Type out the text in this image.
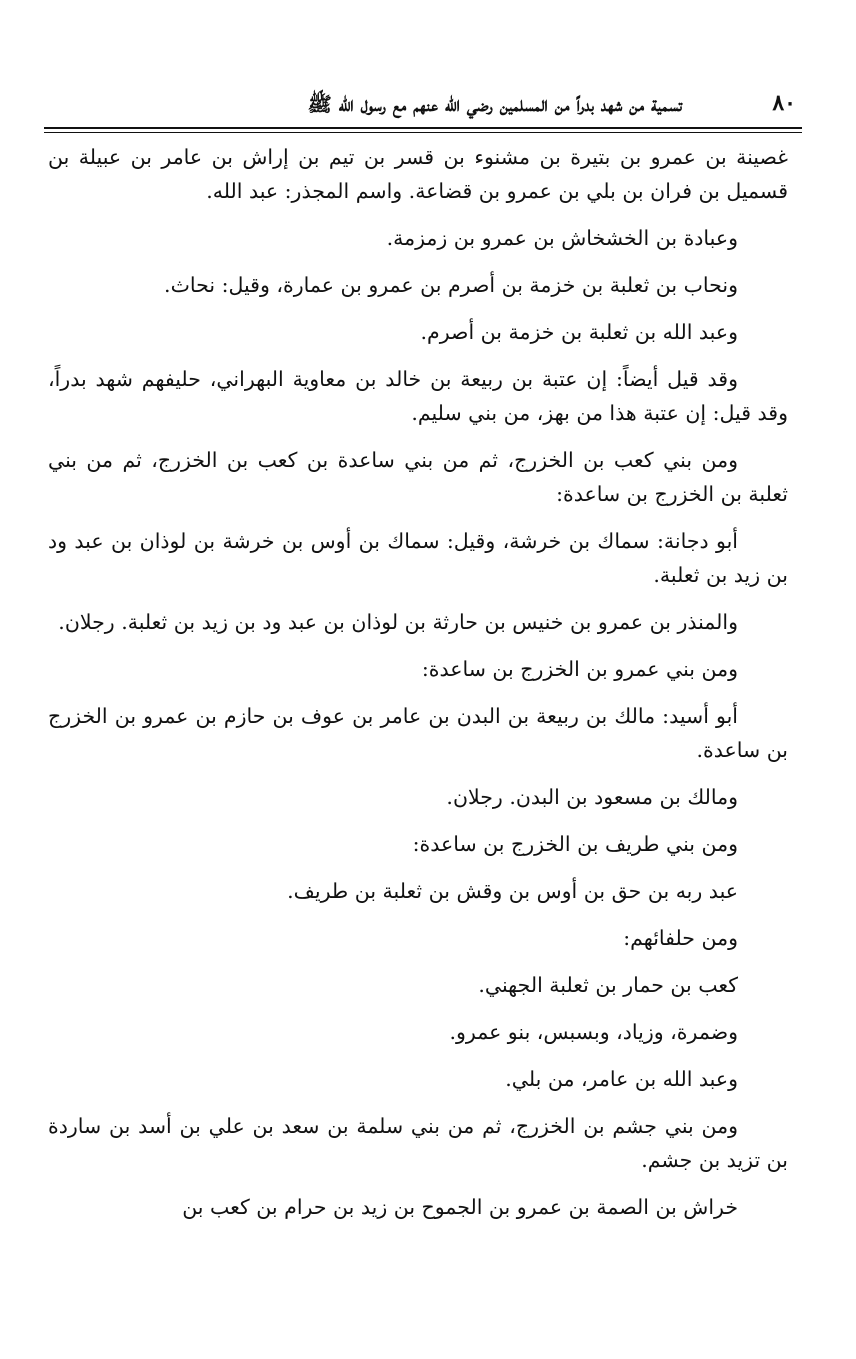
٨٠
تسمية من شهد بدراً من المسلمين رضي الله عنهم مع رسول الله ﷺ

غصينة بن عمرو بن بتيرة بن مشنوء بن قسر بن تيم بن إراش بن عامر بن عبيلة بن قسميل بن فران بن بلي بن عمرو بن قضاعة. واسم المجذر: عبد الله.

وعبادة بن الخشخاش بن عمرو بن زمزمة.

ونحاب بن ثعلبة بن خزمة بن أصرم بن عمرو بن عمارة، وقيل: نحاث.

وعبد الله بن ثعلبة بن خزمة بن أصرم.

وقد قيل أيضاً: إن عتبة بن ربيعة بن خالد بن معاوية البهراني، حليفهم شهد بدراً، وقد قيل: إن عتبة هذا من بهز، من بني سليم.

ومن بني كعب بن الخزرج، ثم من بني ساعدة بن كعب بن الخزرج، ثم من بني ثعلبة بن الخزرج بن ساعدة:

أبو دجانة: سماك بن خرشة، وقيل: سماك بن أوس بن خرشة بن لوذان بن عبد ود بن زيد بن ثعلبة.

والمنذر بن عمرو بن خنيس بن حارثة بن لوذان بن عبد ود بن زيد بن ثعلبة. رجلان.

ومن بني عمرو بن الخزرج بن ساعدة:

أبو أسيد: مالك بن ربيعة بن البدن بن عامر بن عوف بن حازم بن عمرو بن الخزرج بن ساعدة.

ومالك بن مسعود بن البدن. رجلان.

ومن بني طريف بن الخزرج بن ساعدة:

عبد ربه بن حق بن أوس بن وقش بن ثعلبة بن طريف.

ومن حلفائهم:

كعب بن حمار بن ثعلبة الجهني.

وضمرة، وزياد، وبسبس، بنو عمرو.

وعبد الله بن عامر، من بلي.

ومن بني جشم بن الخزرج، ثم من بني سلمة بن سعد بن علي بن أسد بن ساردة بن تزيد بن جشم.

خراش بن الصمة بن عمرو بن الجموح بن زيد بن حرام بن كعب بن
